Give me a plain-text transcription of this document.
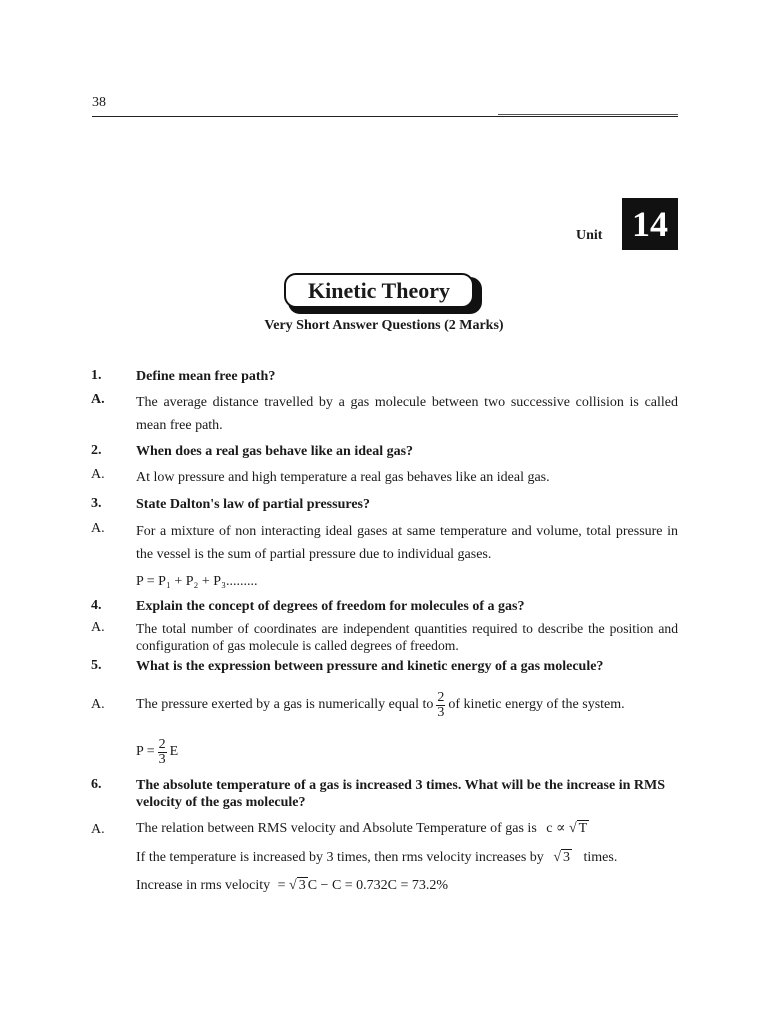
38
Unit 14
Kinetic Theory
Very Short Answer Questions (2 Marks)
1. Define mean free path?
A. The average distance travelled by a gas molecule between two successive collision is called mean free path.
2. When does a real gas behave like an ideal gas?
A. At low pressure and high temperature a real gas behaves like an ideal gas.
3. State Dalton's law of partial pressures?
A. For a mixture of non interacting ideal gases at same temperature and volume, total pressure in the vessel is the sum of partial pressure due to individual gases.
P = P₁ + P₂ + P₃.........
4. Explain the concept of degrees of freedom for molecules of a gas?
A. The total number of coordinates are independent quantities required to describe the position and configuration of gas molecule is called degrees of freedom.
5. What is the expression between pressure and kinetic energy of a gas molecule?
A. The pressure exerted by a gas is numerically equal to $\frac{2}{3}$ of kinetic energy of the system.
$P = \frac{2}{3}$ E
6. The absolute temperature of a gas is increased 3 times. What will be the increase in RMS velocity of the gas molecule?
A. The relation between RMS velocity and Absolute Temperature of gas is c ∝ √ T
If the temperature is increased by 3 times, then rms velocity increases by √ 3 times.
Increase in rms velocity = √ 3 C − C = 0.732C = 73.2%
